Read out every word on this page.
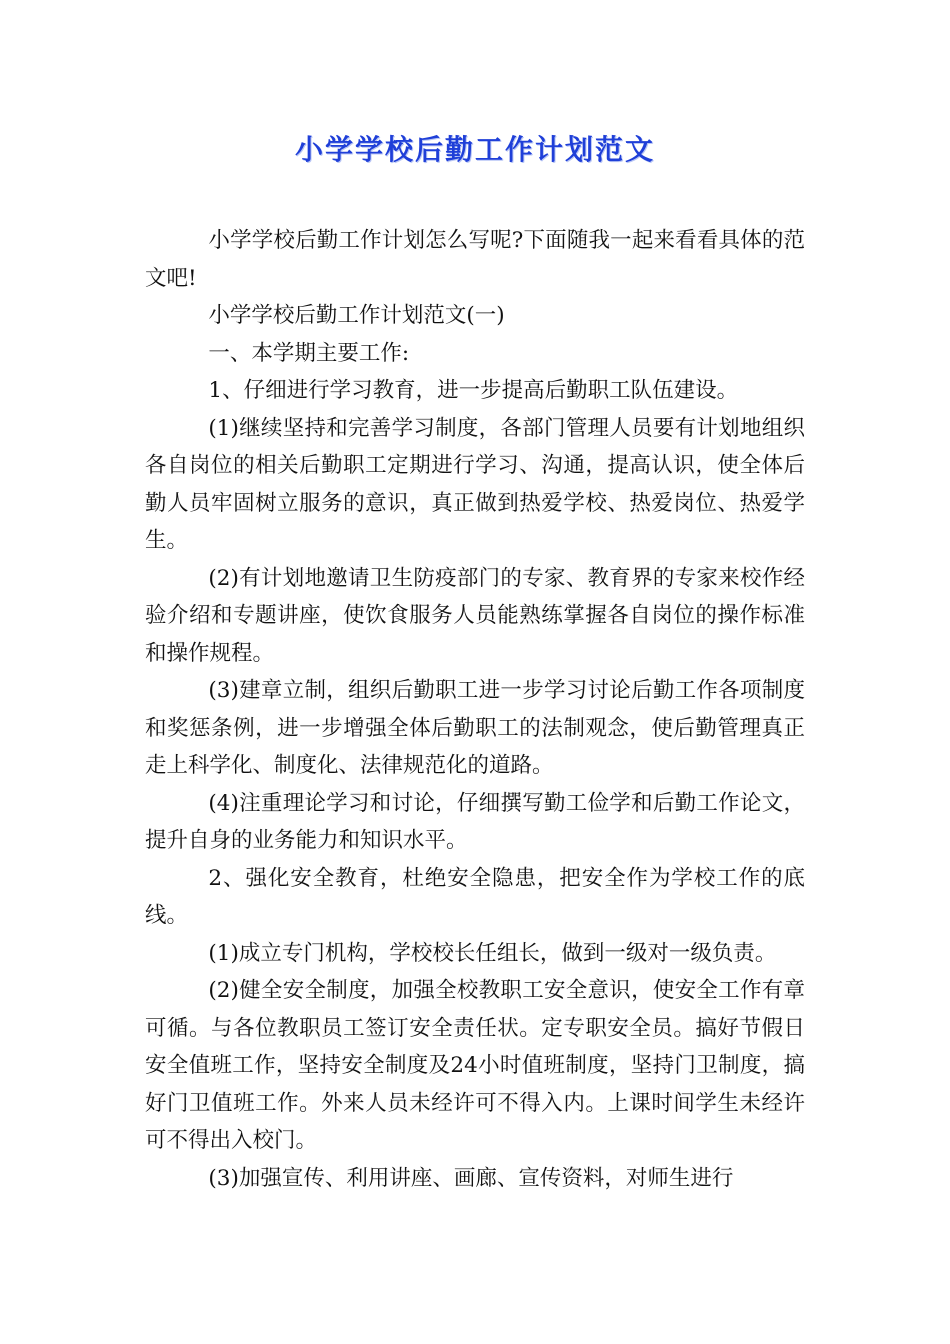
小学学校后勤工作计划范文

小学学校后勤工作计划怎么写呢?下面随我一起来看看具体的范文吧!

小学学校后勤工作计划范文(一)

一、本学期主要工作:

1、仔细进行学习教育，进一步提高后勤职工队伍建设。

(1)继续坚持和完善学习制度，各部门管理人员要有计划地组织各自岗位的相关后勤职工定期进行学习、沟通，提高认识，使全体后勤人员牢固树立服务的意识，真正做到热爱学校、热爱岗位、热爱学生。

(2)有计划地邀请卫生防疫部门的专家、教育界的专家来校作经验介绍和专题讲座，使饮食服务人员能熟练掌握各自岗位的操作标准和操作规程。

(3)建章立制，组织后勤职工进一步学习讨论后勤工作各项制度和奖惩条例，进一步增强全体后勤职工的法制观念，使后勤管理真正走上科学化、制度化、法律规范化的道路。

(4)注重理论学习和讨论，仔细撰写勤工俭学和后勤工作论文，提升自身的业务能力和知识水平。

2、强化安全教育，杜绝安全隐患，把安全作为学校工作的底线。

(1)成立专门机构，学校校长任组长，做到一级对一级负责。

(2)健全安全制度，加强全校教职工安全意识，使安全工作有章可循。与各位教职员工签订安全责任状。定专职安全员。搞好节假日安全值班工作，坚持安全制度及24小时值班制度，坚持门卫制度，搞好门卫值班工作。外来人员未经许可不得入内。上课时间学生未经许可不得出入校门。

(3)加强宣传、利用讲座、画廊、宣传资料，对师生进行
